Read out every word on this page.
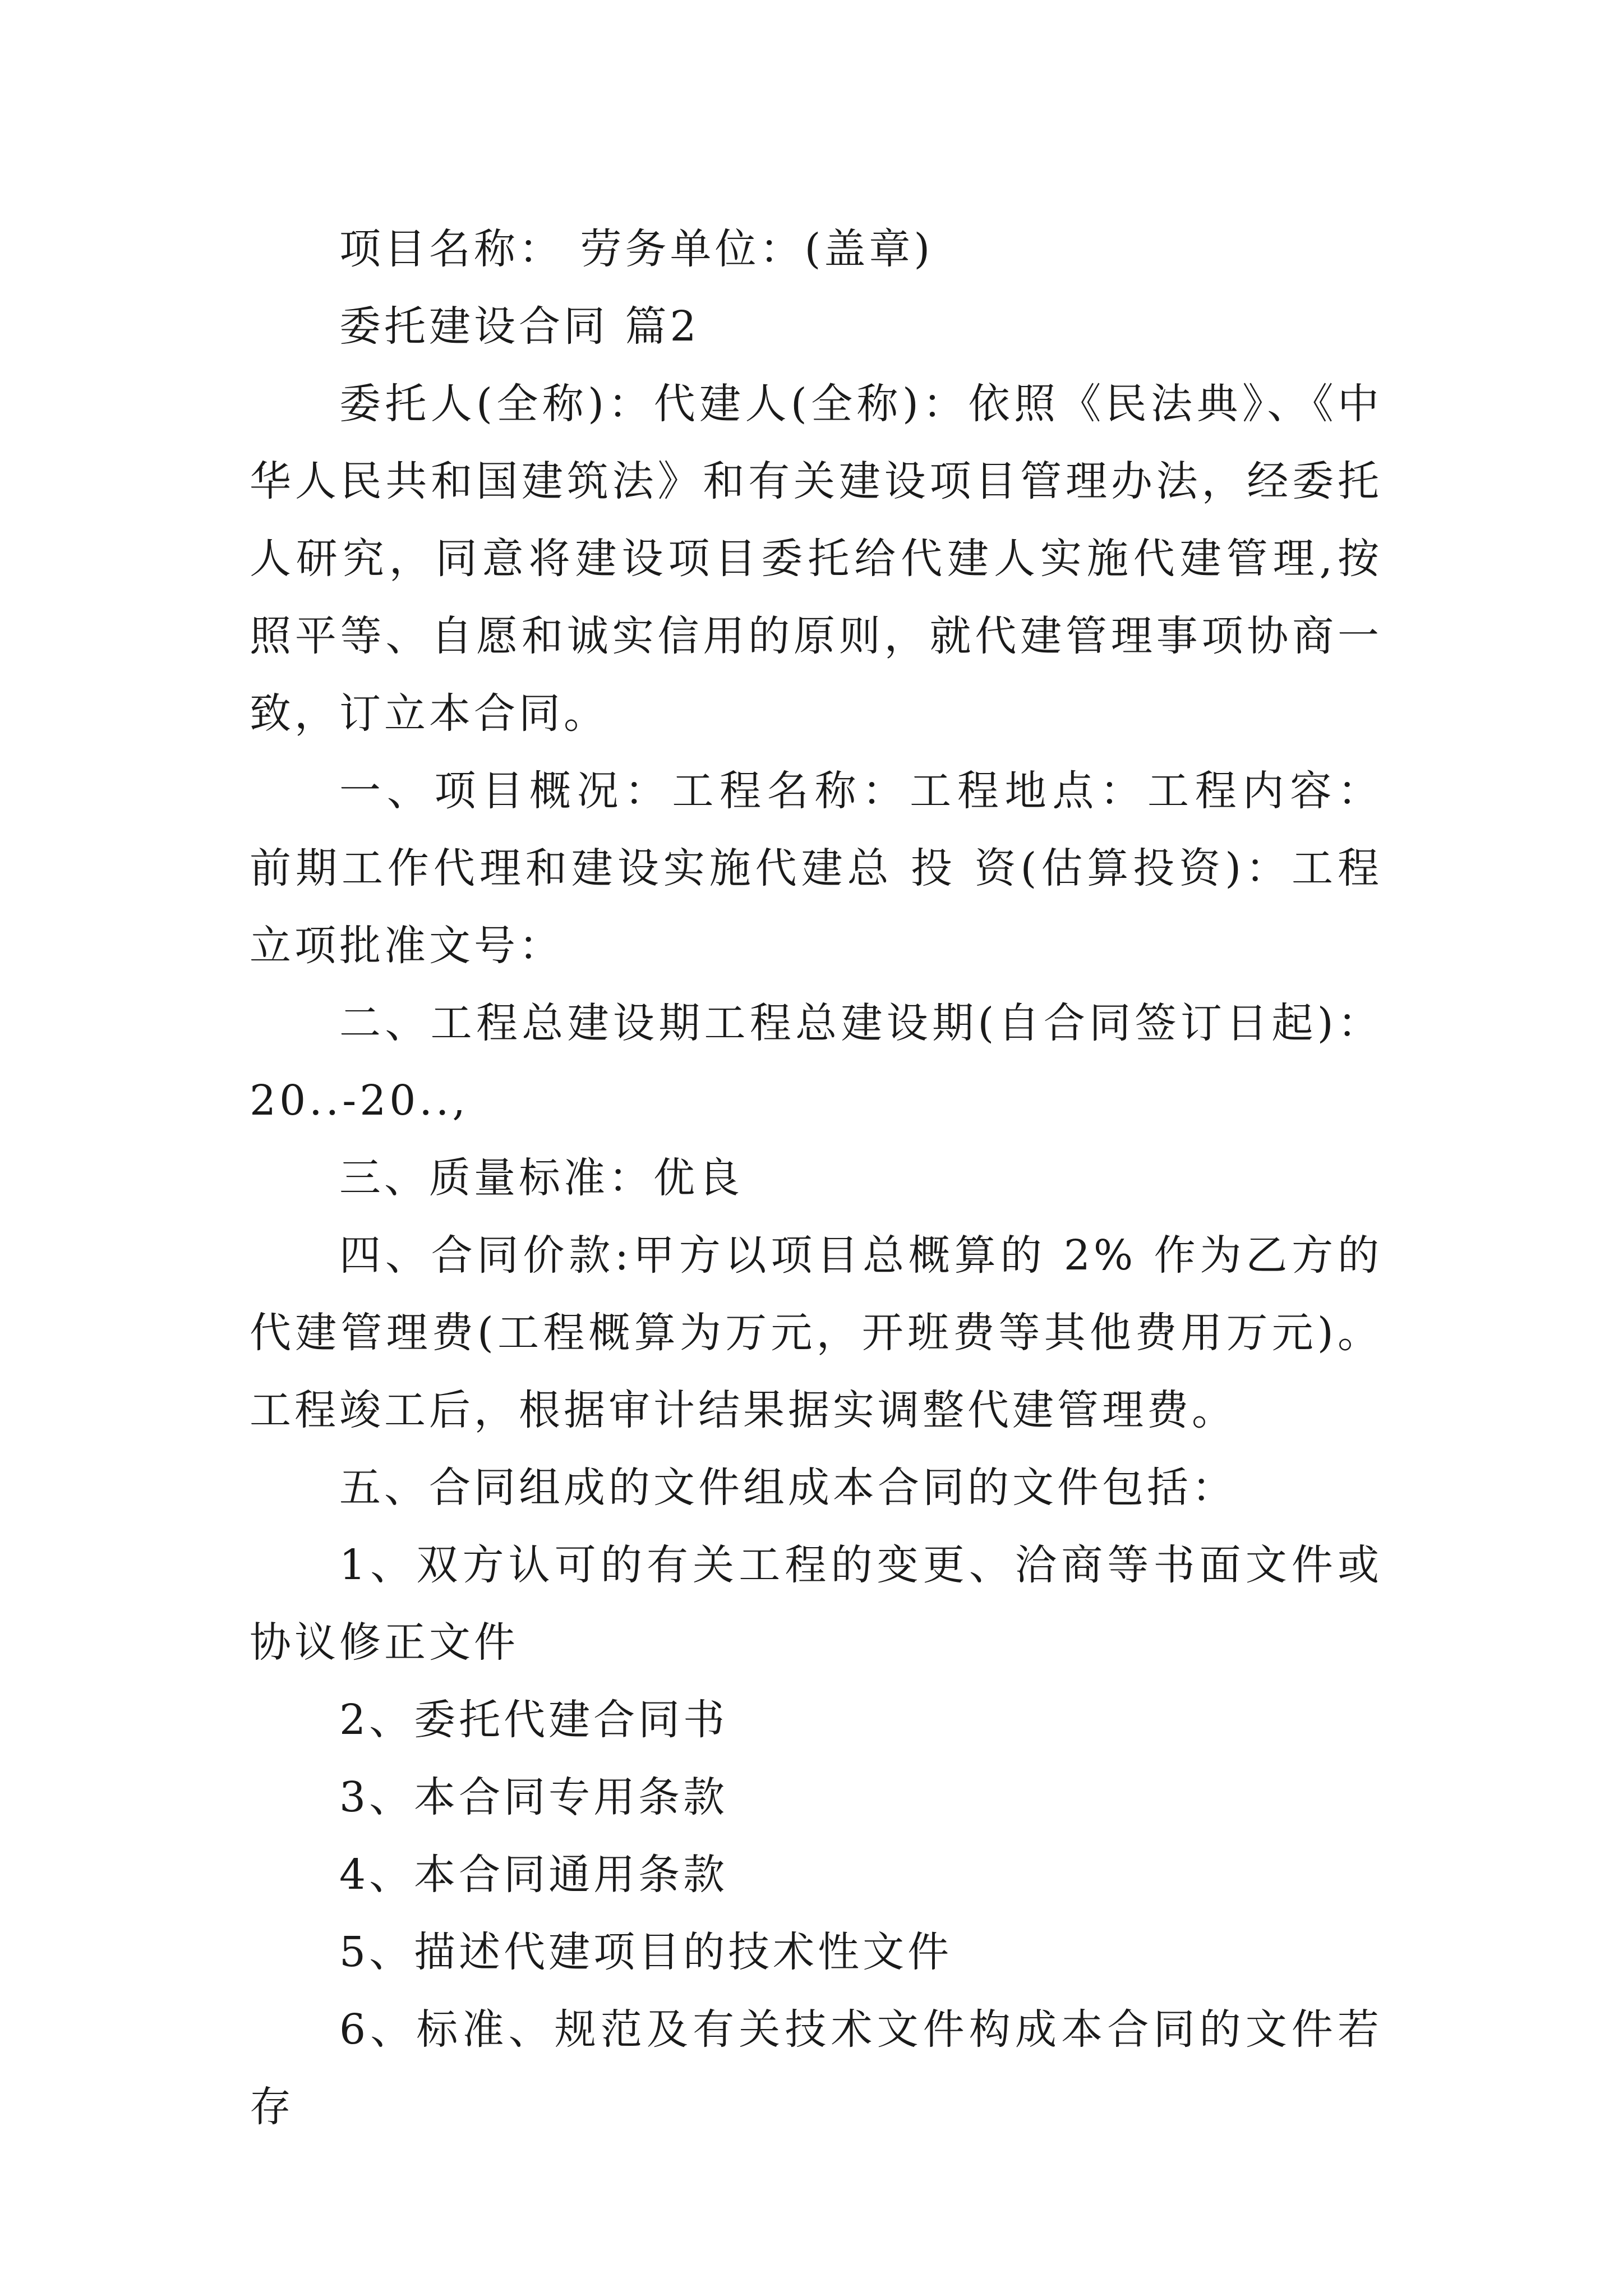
项目名称： 劳务单位：(盖章)

委托建设合同 篇2

委托人(全称)：代建人(全称)：依照《民法典》、《中华人民共和国建筑法》和有关建设项目管理办法，经委托人研究，同意将建设项目委托给代建人实施代建管理,按照平等、自愿和诚实信用的原则，就代建管理事项协商一致，订立本合同。

一、项目概况：工程名称：工程地点：工程内容： 前期工作代理和建设实施代建总 投 资(估算投资)：工程立项批准文号：

二、工程总建设期工程总建设期(自合同签订日起)：20..-20..,

三、质量标准：优良

四、合同价款:甲方以项目总概算的 2% 作为乙方的代建管理费(工程概算为万元，开班费等其他费用万元)。工程竣工后，根据审计结果据实调整代建管理费。

五、合同组成的文件组成本合同的文件包括：

1、双方认可的有关工程的变更、洽商等书面文件或协议修正文件

2、委托代建合同书

3、本合同专用条款

4、本合同通用条款

5、描述代建项目的技术性文件

6、标准、规范及有关技术文件构成本合同的文件若存
